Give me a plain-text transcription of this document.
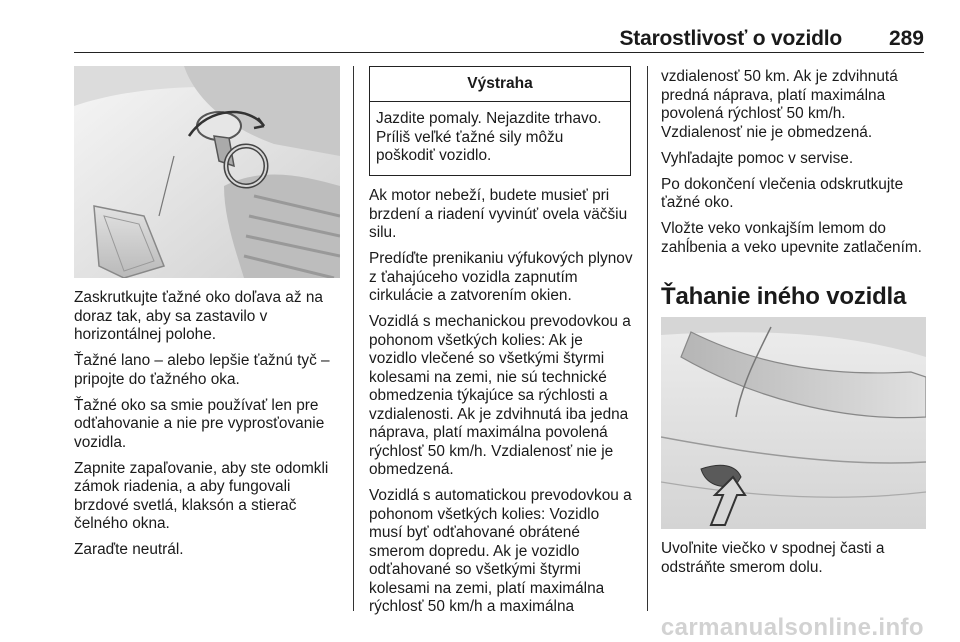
Starostlivosť o vozidlo 289

Zaskrutkujte ťažné oko doľava až na doraz tak, aby sa zastavilo v horizontálnej polohe.

Ťažné lano – alebo lepšie ťažnú tyč – pripojte do ťažného oka.

Ťažné oko sa smie používať len pre odťahovanie a nie pre vyprosťovanie vozidla.

Zapnite zapaľovanie, aby ste odomkli zámok riadenia, a aby fungovali brzdové svetlá, klaksón a stierač čelného okna.

Zaraďte neutrál.

Výstraha
Jazdite pomaly. Nejazdite trhavo. Príliš veľké ťažné sily môžu poškodiť vozidlo.

Ak motor nebeží, budete musieť pri brzdení a riadení vyvinúť ovela väčšiu silu.

Predíďte prenikaniu výfukových plynov z ťahajúceho vozidla zapnutím cirkulácie a zatvorením okien.

Vozidlá s mechanickou prevodovkou a pohonom všetkých kolies: Ak je vozidlo vlečené so všetkými štyrmi kolesami na zemi, nie sú technické obmedzenia týkajúce sa rýchlosti a vzdialenosti. Ak je zdvihnutá iba jedna náprava, platí maximálna povolená rýchlosť 50 km/h. Vzdialenosť nie je obmedzená.

Vozidlá s automatickou prevodovkou a pohonom všetkých kolies: Vozidlo musí byť odťahované obrátené smerom dopredu. Ak je vozidlo odťahované so všetkými štyrmi kolesami na zemi, platí maximálna rýchlosť 50 km/h a maximálna

vzdialenosť 50 km. Ak je zdvihnutá predná náprava, platí maximálna povolená rýchlosť 50 km/h. Vzdialenosť nie je obmedzená.

Vyhľadajte pomoc v servise.

Po dokončení vlečenia odskrutkujte ťažné oko.

Vložte veko vonkajším lemom do zahĺbenia a veko upevnite zatlačením.

Ťahanie iného vozidla

Uvoľnite viečko v spodnej časti a odstráňte smerom dolu.

carmanualsonline.info
